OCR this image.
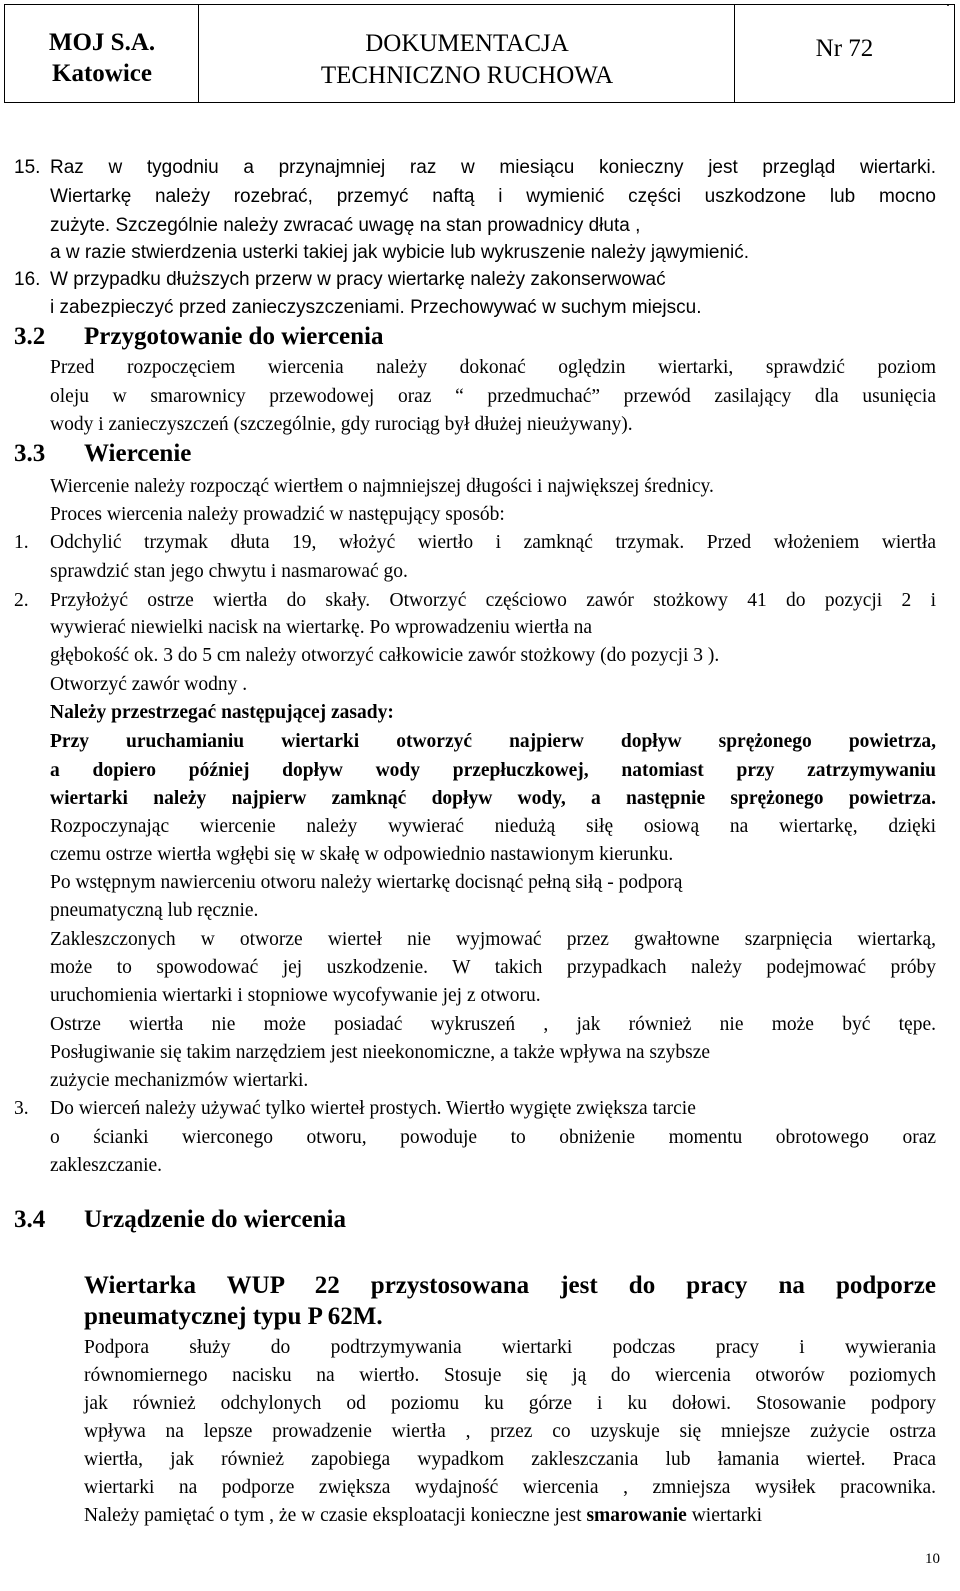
MOJ S.A.
Katowice
DOKUMENTACJA
TECHNICZNO RUCHOWA
Nr 72
.
15. Raz w tygodniu a przynajmniej raz w miesiącu konieczny jest przegląd wiertarki.
Wiertarkę należy rozebrać, przemyć naftą i wymienić części uszkodzone lub mocno
zużyte. Szczególnie należy zwracać uwagę na stan prowadnicy dłuta ,
a w razie stwierdzenia usterki takiej jak wybicie lub wykruszenie należy jąwymienić.
16. W przypadku dłuższych przerw w pracy wiertarkę należy zakonserwować
i zabezpieczyć przed zanieczyszczeniami. Przechowywać w suchym miejscu.
3.2 Przygotowanie do wiercenia
Przed rozpoczęciem wiercenia należy dokonać oględzin wiertarki, sprawdzić poziom
oleju w smarownicy przewodowej oraz “ przedmuchać” przewód zasilający dla usunięcia
wody i zanieczyszczeń (szczególnie, gdy rurociąg był dłużej nieużywany).
3.3 Wiercenie
Wiercenie należy rozpocząć wiertłem o najmniejszej długości i największej średnicy.
Proces wiercenia należy prowadzić w następujący sposób:
1. Odchylić trzymak dłuta 19, włożyć wiertło i zamknąć trzymak. Przed włożeniem wiertła
sprawdzić stan jego chwytu i nasmarować go.
2. Przyłożyć ostrze wiertła do skały. Otworzyć częściowo zawór stożkowy 41 do pozycji 2 i
wywierać niewielki nacisk na wiertarkę. Po wprowadzeniu wiertła na
głębokość ok. 3 do 5 cm należy otworzyć całkowicie zawór stożkowy (do pozycji 3 ).
Otworzyć zawór wodny .
Należy przestrzegać następującej zasady:
Przy uruchamianiu wiertarki otworzyć najpierw dopływ sprężonego powietrza,
a dopiero później dopływ wody przepłuczkowej, natomiast przy zatrzymywaniu
wiertarki należy najpierw zamknąć dopływ wody, a następnie sprężonego powietrza.
Rozpoczynając wiercenie należy wywierać niedużą siłę osiową na wiertarkę, dzięki
czemu ostrze wiertła wgłębi się w skałę w odpowiednio nastawionym kierunku.
Po wstępnym nawierceniu otworu należy wiertarkę docisnąć pełną siłą - podporą
pneumatyczną lub ręcznie.
Zakleszczonych w otworze wierteł nie wyjmować przez gwałtowne szarpnięcia wiertarką,
może to spowodować jej uszkodzenie. W takich przypadkach należy podejmować próby
uruchomienia wiertarki i stopniowe wycofywanie jej z otworu.
Ostrze wiertła nie może posiadać wykruszeń , jak również nie może być tępe.
Posługiwanie się takim narzędziem jest nieekonomiczne, a także wpływa na szybsze
zużycie mechanizmów wiertarki.
3. Do wierceń należy używać tylko wierteł prostych. Wiertło wygięte zwiększa tarcie
o ścianki wierconego otworu, powoduje to obniżenie momentu obrotowego oraz
zakleszczanie.
3.4 Urządzenie do wiercenia
Wiertarka WUP 22 przystosowana jest do pracy na podporze
pneumatycznej typu P 62M.
Podpora służy do podtrzymywania wiertarki podczas pracy i wywierania
równomiernego nacisku na wiertło. Stosuje się ją do wiercenia otworów poziomych
jak również odchylonych od poziomu ku górze i ku dołowi. Stosowanie podpory
wpływa na lepsze prowadzenie wiertła , przez co uzyskuje się mniejsze zużycie ostrza
wiertła, jak również zapobiega wypadkom zakleszczania lub łamania wierteł. Praca
wiertarki na podporze zwiększa wydajność wiercenia , zmniejsza wysiłek pracownika.
Należy pamiętać o tym , że w czasie eksploatacji konieczne jest smarowanie wiertarki
10
